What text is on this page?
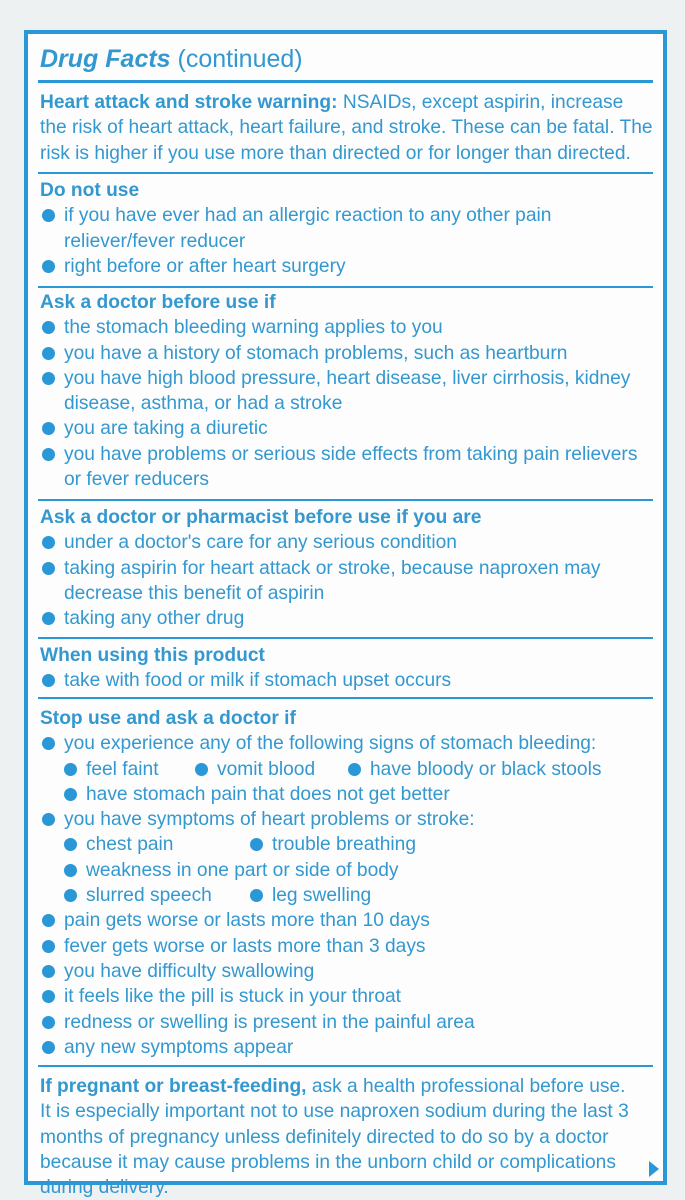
Drug Facts (continued)
Heart attack and stroke warning: NSAIDs, except aspirin, increase the risk of heart attack, heart failure, and stroke. These can be fatal. The risk is higher if you use more than directed or for longer than directed.
Do not use
if you have ever had an allergic reaction to any other pain reliever/fever reducer
right before or after heart surgery
Ask a doctor before use if
the stomach bleeding warning applies to you
you have a history of stomach problems, such as heartburn
you have high blood pressure, heart disease, liver cirrhosis, kidney disease, asthma, or had a stroke
you are taking a diuretic
you have problems or serious side effects from taking pain relievers or fever reducers
Ask a doctor or pharmacist before use if you are
under a doctor's care for any serious condition
taking aspirin for heart attack or stroke, because naproxen may decrease this benefit of aspirin
taking any other drug
When using this product
take with food or milk if stomach upset occurs
Stop use and ask a doctor if
you experience any of the following signs of stomach bleeding:
feel faint	vomit blood	have bloody or black stools
have stomach pain that does not get better
you have symptoms of heart problems or stroke:
chest pain	trouble breathing
weakness in one part or side of body
slurred speech	leg swelling
pain gets worse or lasts more than 10 days
fever gets worse or lasts more than 3 days
you have difficulty swallowing
it feels like the pill is stuck in your throat
redness or swelling is present in the painful area
any new symptoms appear
If pregnant or breast-feeding, ask a health professional before use. It is especially important not to use naproxen sodium during the last 3 months of pregnancy unless definitely directed to do so by a doctor because it may cause problems in the unborn child or complications during delivery.
